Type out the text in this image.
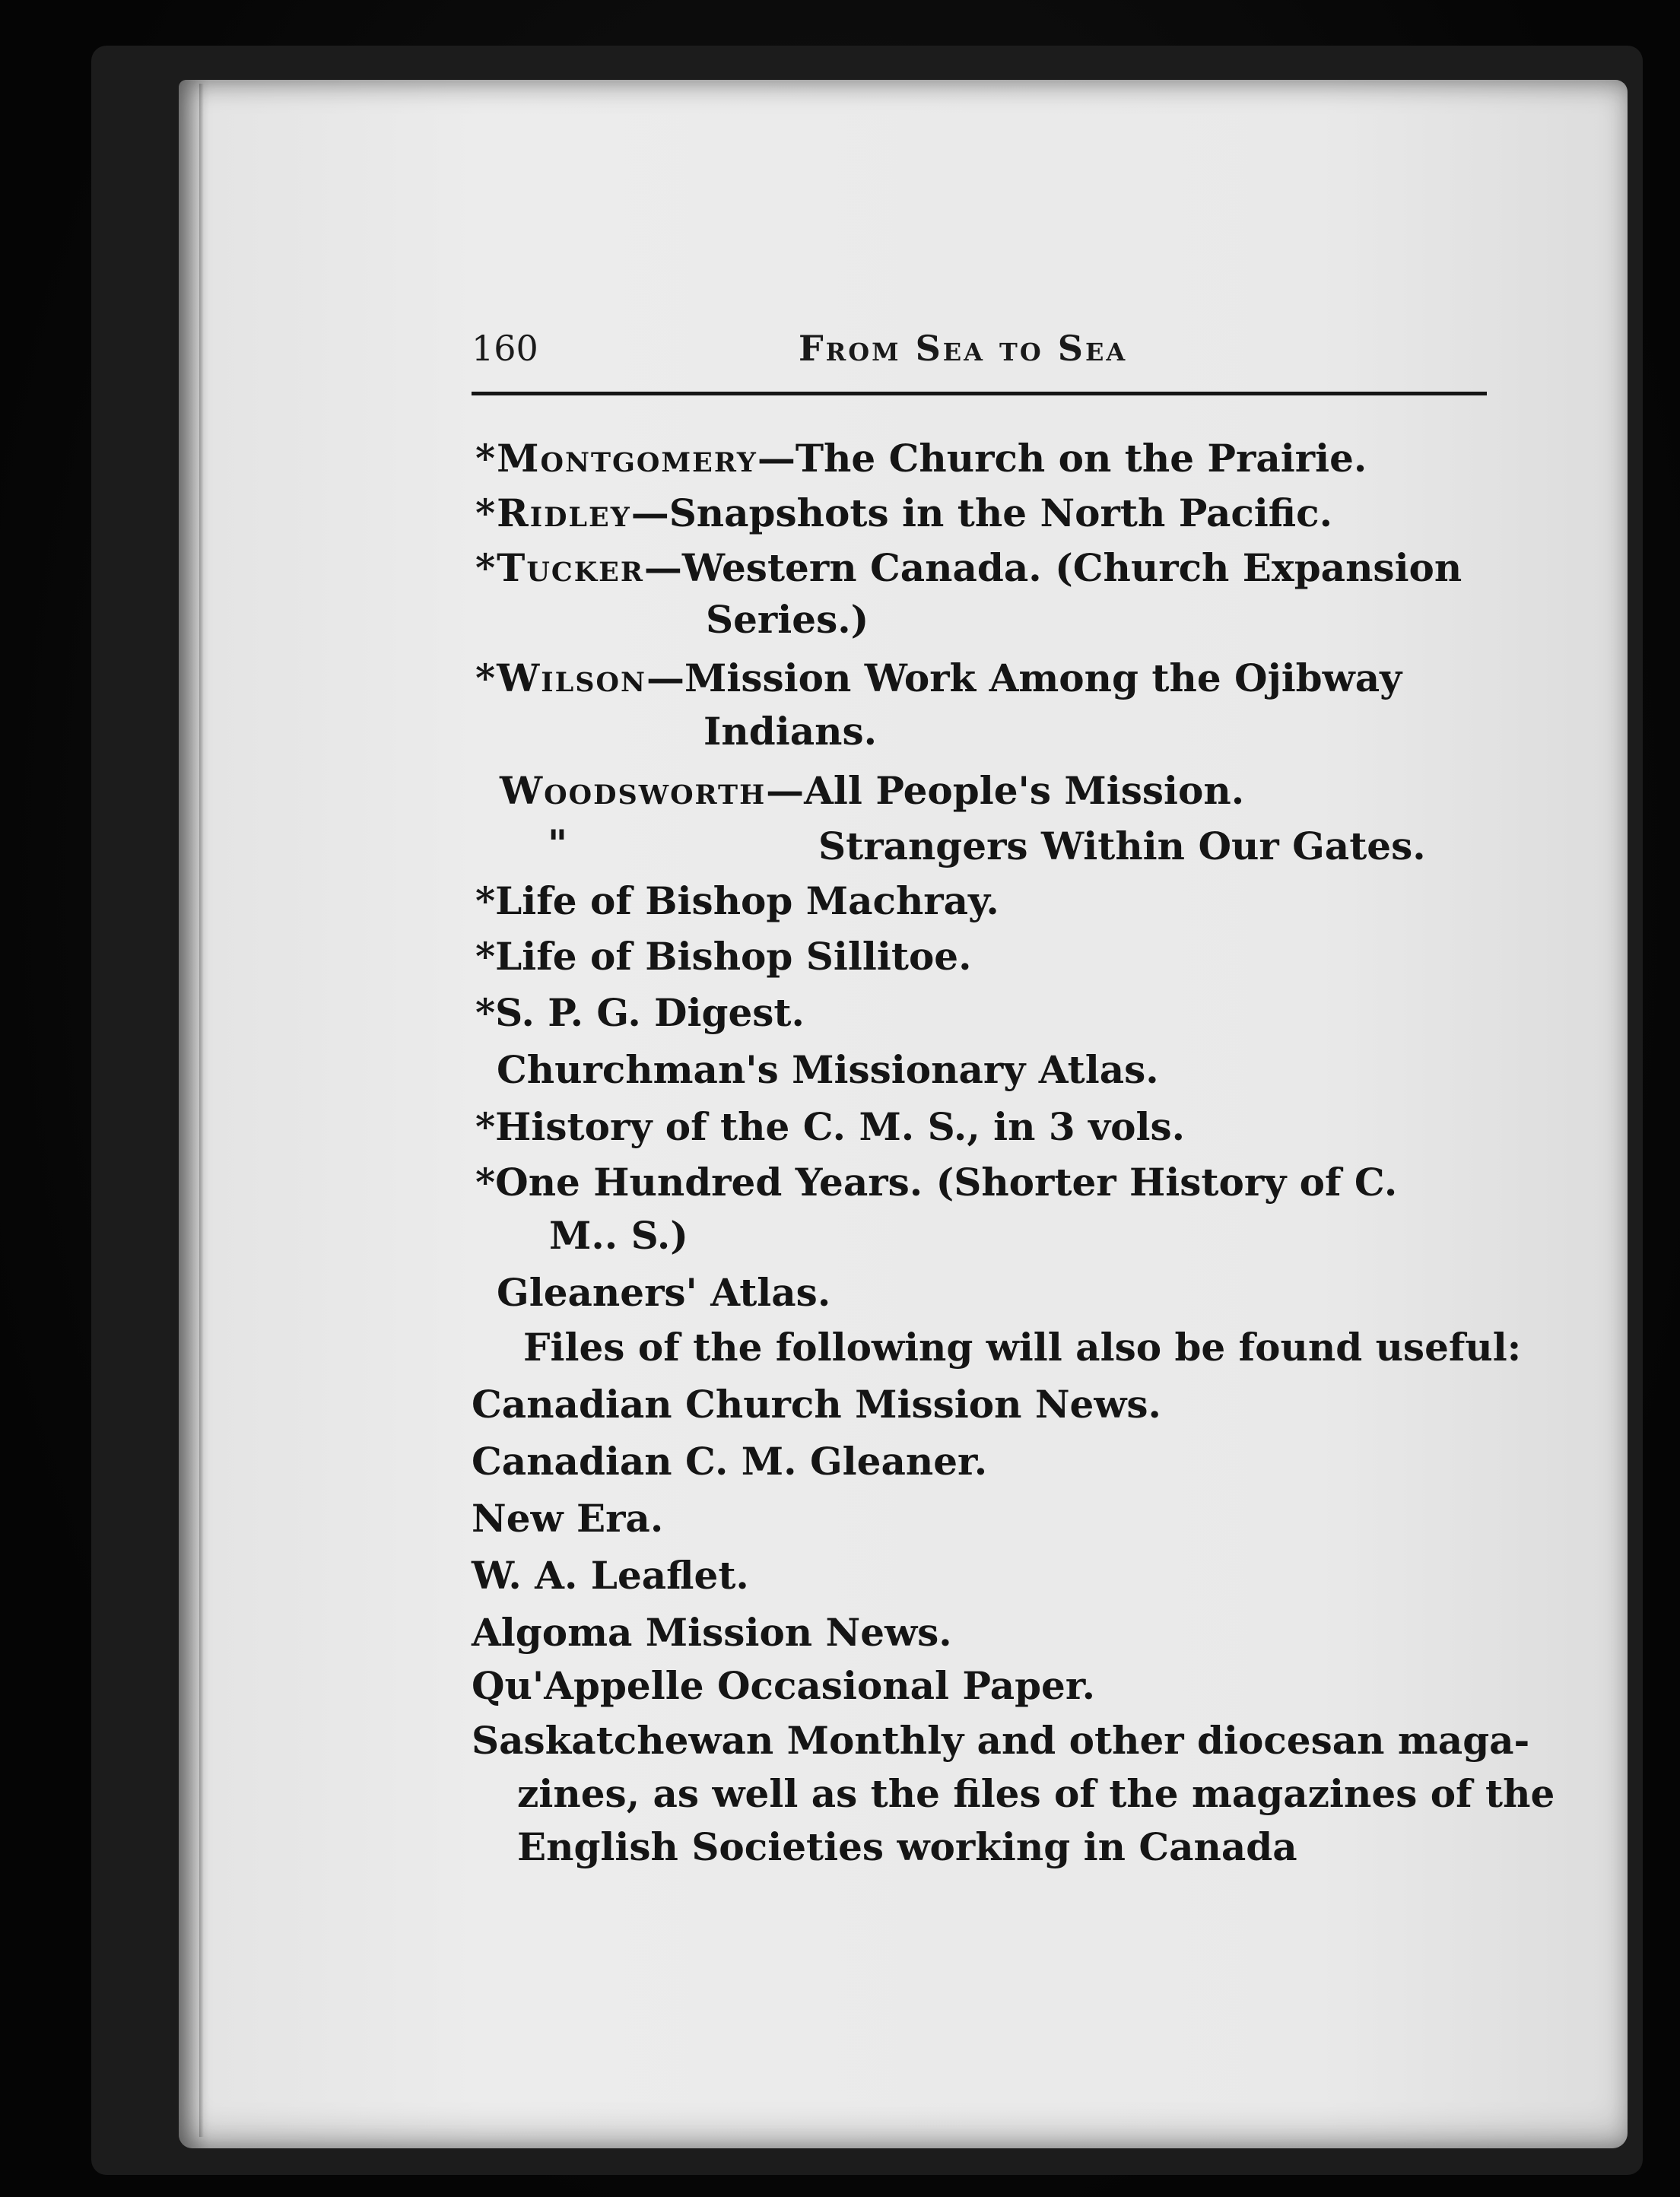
160	From Sea to Sea
*Montgomery—The Church on the Prairie.
*Ridley—Snapshots in the North Pacific.
*Tucker—Western Canada. (Church Expansion
Series.)
*Wilson—Mission Work Among the Ojibway
Indians.
Woodsworth—All People's Mission.
"	Strangers Within Our Gates.
*Life of Bishop Machray.
*Life of Bishop Sillitoe.
*S. P. G. Digest.
Churchman's Missionary Atlas.
*History of the C. M. S., in 3 vols.
*One Hundred Years. (Shorter History of C.
M.. S.)
Gleaners' Atlas.
Files of the following will also be found useful:
Canadian Church Mission News.
Canadian C. M. Gleaner.
New Era.
W. A. Leaflet.
Algoma Mission News.
Qu'Appelle Occasional Paper.
Saskatchewan Monthly and other diocesan maga-
zines, as well as the files of the magazines of the
English Societies working in Canada
